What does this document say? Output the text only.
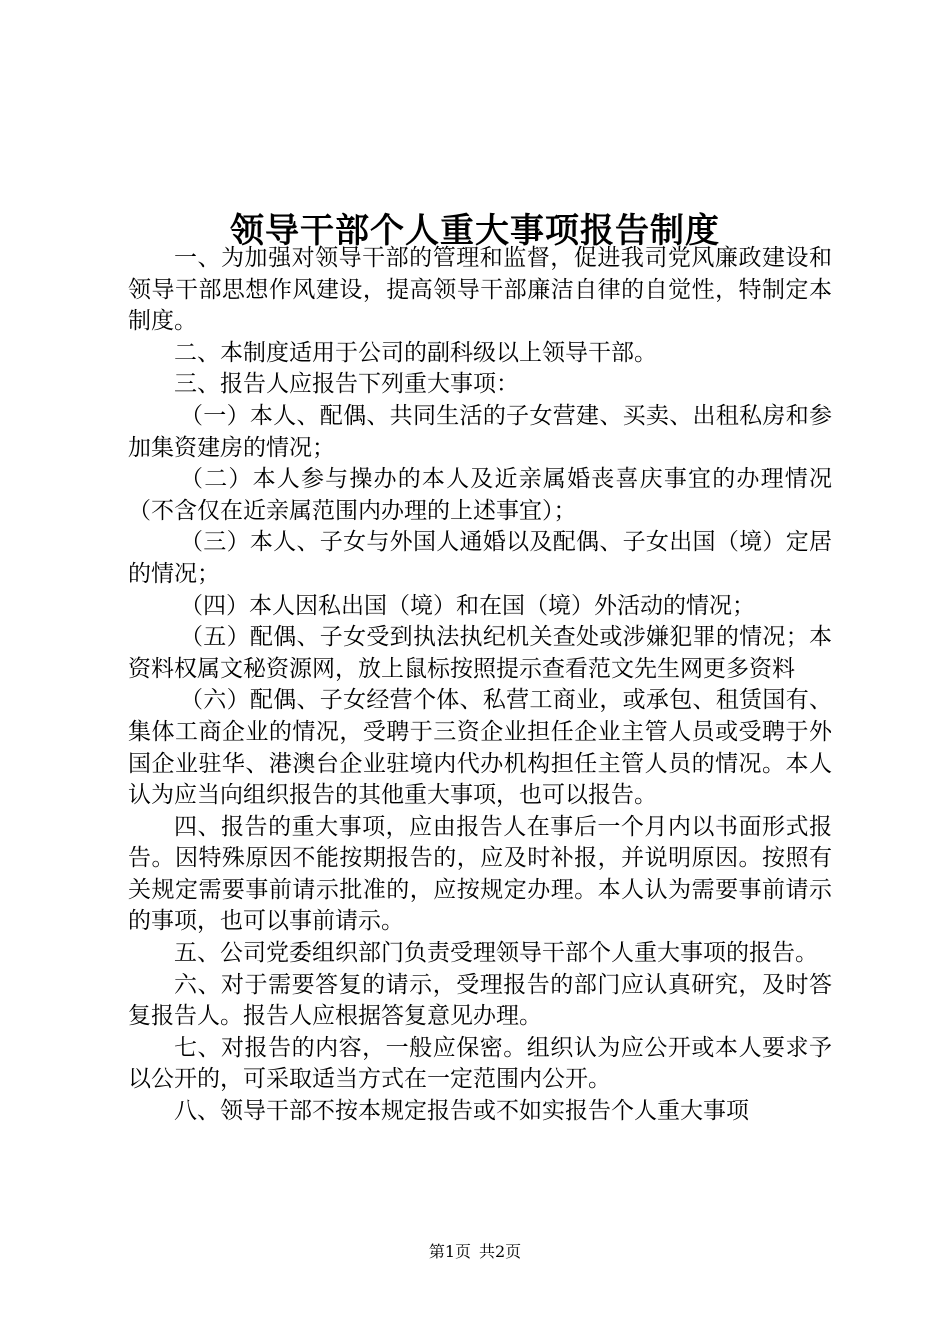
领导干部个人重大事项报告制度

一、为加强对领导干部的管理和监督，促进我司党风廉政建设和领导干部思想作风建设，提高领导干部廉洁自律的自觉性，特制定本制度。

二、本制度适用于公司的副科级以上领导干部。

三、报告人应报告下列重大事项：

（一）本人、配偶、共同生活的子女营建、买卖、出租私房和参加集资建房的情况；

（二）本人参与操办的本人及近亲属婚丧喜庆事宜的办理情况（不含仅在近亲属范围内办理的上述事宜）；

（三）本人、子女与外国人通婚以及配偶、子女出国（境）定居的情况；

（四）本人因私出国（境）和在国（境）外活动的情况；

（五）配偶、子女受到执法执纪机关查处或涉嫌犯罪的情况；本资料权属文秘资源网，放上鼠标按照提示查看范文先生网更多资料

（六）配偶、子女经营个体、私营工商业，或承包、租赁国有、集体工商企业的情况，受聘于三资企业担任企业主管人员或受聘于外国企业驻华、港澳台企业驻境内代办机构担任主管人员的情况。本人认为应当向组织报告的其他重大事项，也可以报告。

四、报告的重大事项，应由报告人在事后一个月内以书面形式报告。因特殊原因不能按期报告的，应及时补报，并说明原因。按照有关规定需要事前请示批准的，应按规定办理。本人认为需要事前请示的事项，也可以事前请示。

五、公司党委组织部门负责受理领导干部个人重大事项的报告。

六、对于需要答复的请示，受理报告的部门应认真研究，及时答复报告人。报告人应根据答复意见办理。

七、对报告的内容，一般应保密。组织认为应公开或本人要求予以公开的，可采取适当方式在一定范围内公开。

八、领导干部不按本规定报告或不如实报告个人重大事项

第1页 共2页
